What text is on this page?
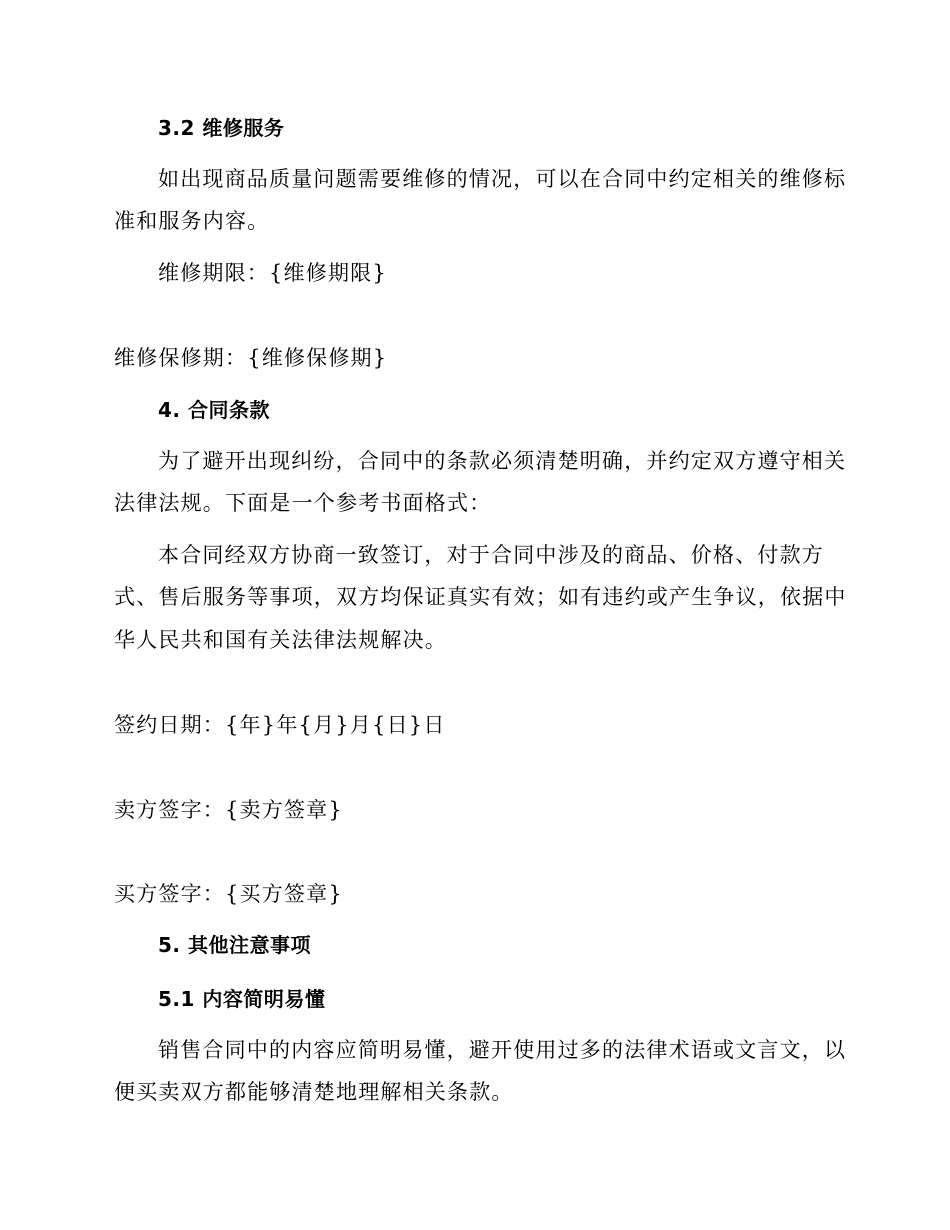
3.2 维修服务
如出现商品质量问题需要维修的情况，可以在合同中约定相关的维修标
准和服务内容。
维修期限：{维修期限}
维修保修期：{维修保修期}
4. 合同条款
为了避开出现纠纷，合同中的条款必须清楚明确，并约定双方遵守相关
法律法规。下面是一个参考书面格式：
本合同经双方协商一致签订，对于合同中涉及的商品、价格、付款方
式、售后服务等事项，双方均保证真实有效；如有违约或产生争议，依据中
华人民共和国有关法律法规解决。
签约日期：{年}年{月}月{日}日
卖方签字：{卖方签章}
买方签字：{买方签章}
5. 其他注意事项
5.1 内容简明易懂
销售合同中的内容应简明易懂，避开使用过多的法律术语或文言文，以
便买卖双方都能够清楚地理解相关条款。
